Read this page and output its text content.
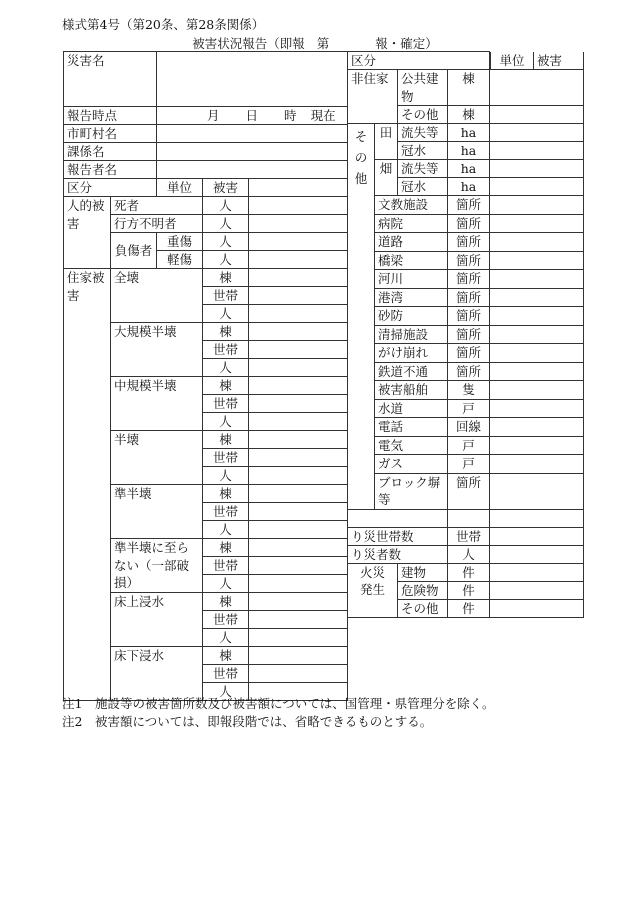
様式第4号（第20条、第28条関係）
被害状況報告（即報 第	報・確定）
災害名				
報告時点		月 日 時 現在		
市町村名				
課係名				
報告者名				
区分		単位	被害	
人的被害	死者		人	
	行方不明者		人	
	負傷者	重傷	人	
		軽傷	人	
住家被害	全壊		棟	
			世帯	
			人	
	大規模半壊		棟	
			世帯	
			人	
	中規模半壊		棟	
			世帯	
			人	
	半壊		棟	
			世帯	
			人	
	準半壊		棟	
			世帯	
			人	
	準半壊に至らない（一部破損）		棟	
			世帯	
			人	
	床上浸水		棟	
			世帯	
			人	
	床下浸水		棟	
			世帯	
			人	
区分				単位 被害

非住家		公共建物	棟	
		その他	棟	
その他	田	流失等	ha	
		冠水	ha	
	畑	流失等	ha	
		冠水	ha	
	文教施設		箇所	
	病院		箇所	
	道路		箇所	
	橋梁		箇所	
	河川		箇所	
	港湾		箇所	
	砂防		箇所	
	清掃施設		箇所	
	がけ崩れ		箇所	
	鉄道不通		箇所	
	被害船舶		隻	
	水道		戸	
	電話		回線	
	電気		戸	
	ガス		戸	
	ブロック塀等		箇所	

り災世帯数			世帯	
り災者数			人	
火災発生		建物	件	
		危険物	件	
		その他	件	
注1　施設等の被害箇所数及び被害額については、国管理・県管理分を除く。
注2　被害額については、即報段階では、省略できるものとする。
